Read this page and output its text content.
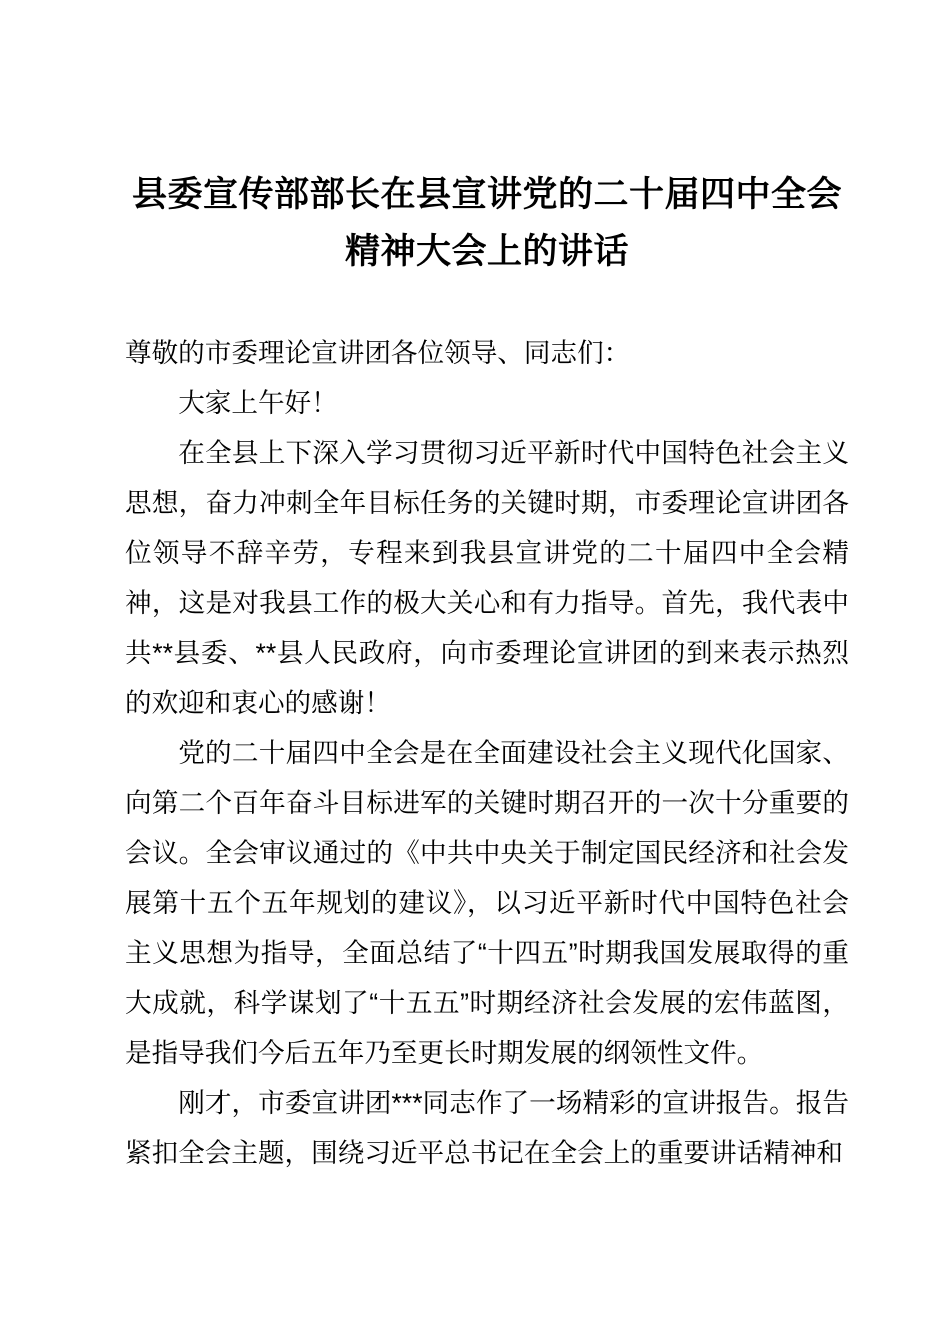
县委宣传部部长在县宣讲党的二十届四中全会精神大会上的讲话

尊敬的市委理论宣讲团各位领导、同志们：

大家上午好！

在全县上下深入学习贯彻习近平新时代中国特色社会主义思想，奋力冲刺全年目标任务的关键时期，市委理论宣讲团各位领导不辞辛劳，专程来到我县宣讲党的二十届四中全会精神，这是对我县工作的极大关心和有力指导。首先，我代表中共**县委、**县人民政府，向市委理论宣讲团的到来表示热烈的欢迎和衷心的感谢！

党的二十届四中全会是在全面建设社会主义现代化国家、向第二个百年奋斗目标进军的关键时期召开的一次十分重要的会议。全会审议通过的《中共中央关于制定国民经济和社会发展第十五个五年规划的建议》，以习近平新时代中国特色社会主义思想为指导，全面总结了“十四五”时期我国发展取得的重大成就，科学谋划了“十五五”时期经济社会发展的宏伟蓝图，是指导我们今后五年乃至更长时期发展的纲领性文件。

刚才，市委宣讲团***同志作了一场精彩的宣讲报告。报告紧扣全会主题，围绕习近平总书记在全会上的重要讲话精神和
